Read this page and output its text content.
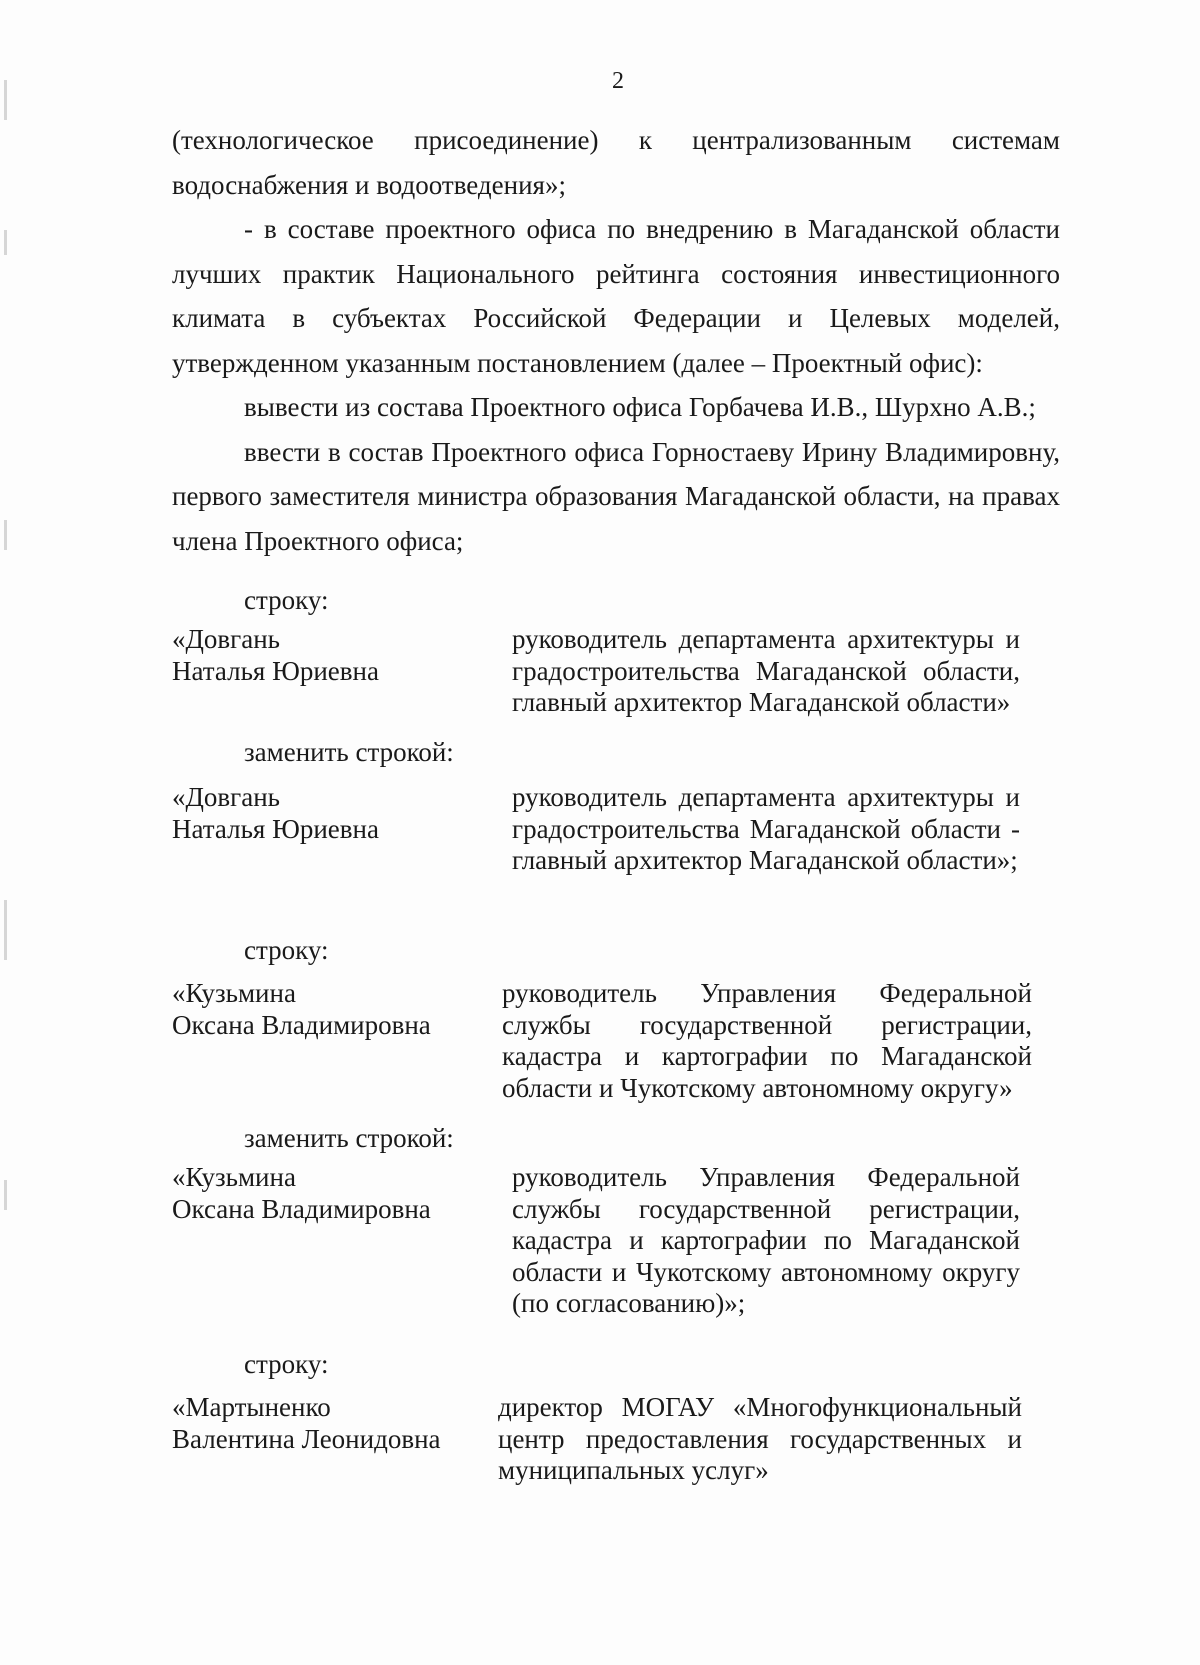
2

(технологическое присоединение) к централизованным системам

водоснабжения и водоотведения»;

- в составе проектного офиса по внедрению в Магаданской области лучших практик Национального рейтинга состояния инвестиционного климата в субъектах Российской Федерации и Целевых моделей, утвержденном указанным постановлением (далее – Проектный офис):

вывести из состава Проектного офиса Горбачева И.В., Шурхно А.В.;

ввести в состав Проектного офиса Горностаеву Ирину Владимировну, первого заместителя министра образования Магаданской области, на правах члена Проектного офиса;

строку:
«Довгань
Наталья Юриевна
руководитель департамента архитектуры и градостроительства Магаданской области, главный архитектор Магаданской области»
заменить строкой:
«Довгань
Наталья Юриевна
руководитель департамента архитектуры и градостроительства Магаданской области - главный архитектор Магаданской области»;
строку:
«Кузьмина
Оксана Владимировна
руководитель Управления Федеральной службы государственной регистрации, кадастра и картографии по Магаданской области и Чукотскому автономному округу»
заменить строкой:
«Кузьмина
Оксана Владимировна
руководитель Управления Федеральной службы государственной регистрации, кадастра и картографии по Магаданской области и Чукотскому автономному округу (по согласованию)»;
строку:
«Мартыненко
Валентина Леонидовна
директор МОГАУ «Многофункциональный центр предоставления государственных и муниципальных услуг»
